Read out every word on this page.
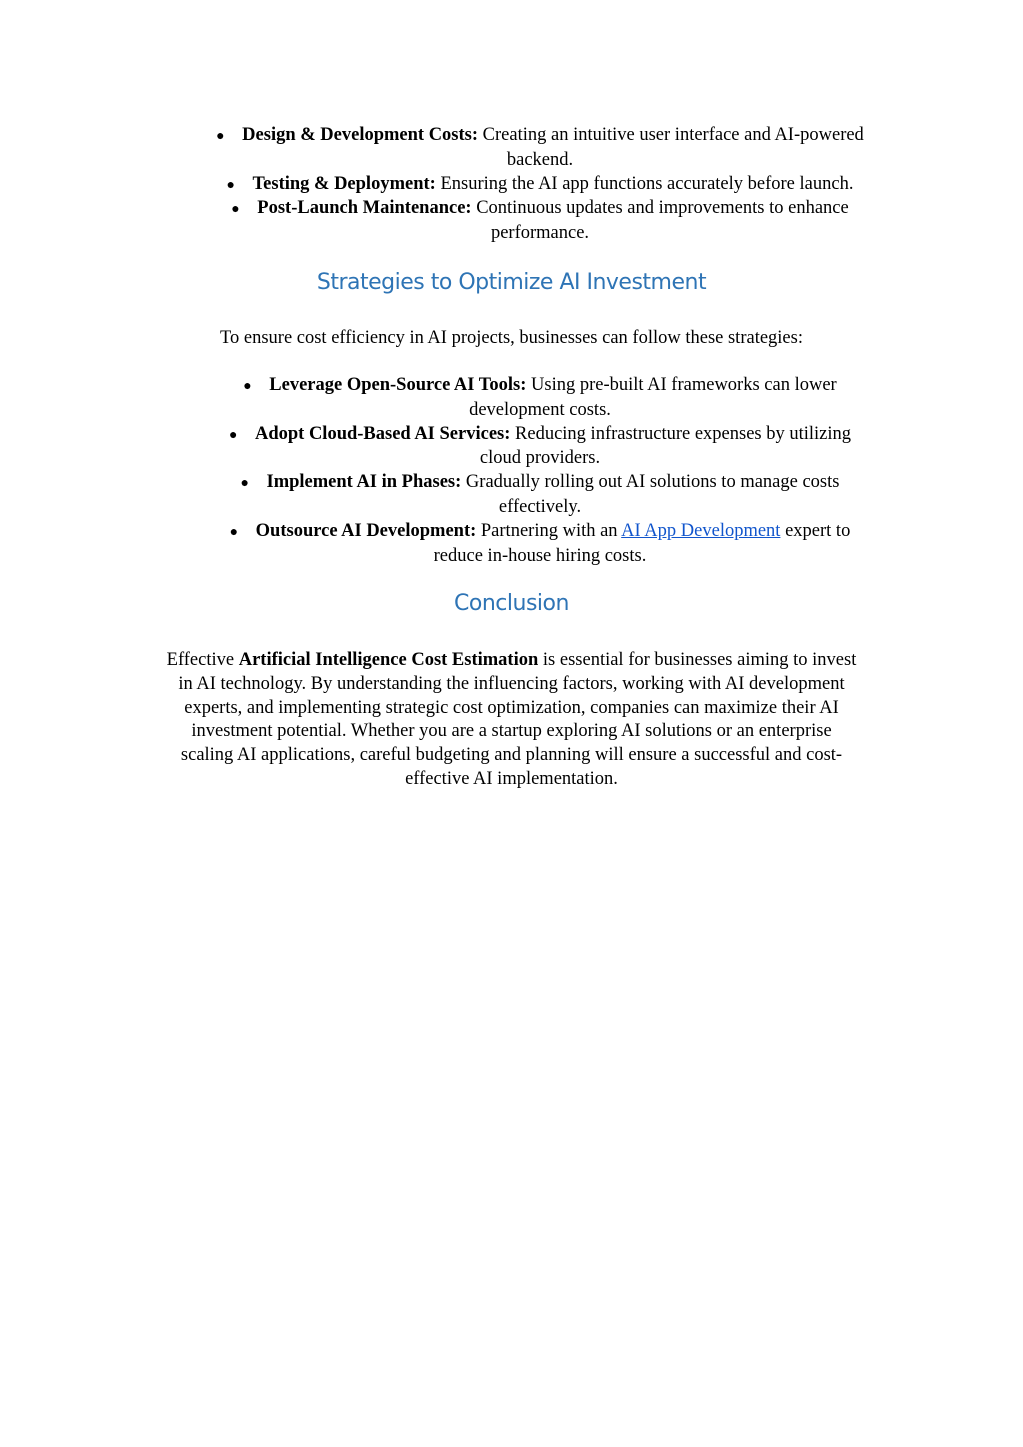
● Design & Development Costs: Creating an intuitive user interface and AI-powered
backend.
● Testing & Deployment: Ensuring the AI app functions accurately before launch.
● Post-Launch Maintenance: Continuous updates and improvements to enhance
performance.
Strategies to Optimize AI Investment

To ensure cost efficiency in AI projects, businesses can follow these strategies:

● Leverage Open-Source AI Tools: Using pre-built AI frameworks can lower
development costs.
● Adopt Cloud-Based AI Services: Reducing infrastructure expenses by utilizing
cloud providers.
● Implement AI in Phases: Gradually rolling out AI solutions to manage costs
effectively.
● Outsource AI Development: Partnering with an AI App Development expert to
reduce in-house hiring costs.
Conclusion

Effective Artificial Intelligence Cost Estimation is essential for businesses aiming to invest
in AI technology. By understanding the influencing factors, working with AI development
experts, and implementing strategic cost optimization, companies can maximize their AI
investment potential. Whether you are a startup exploring AI solutions or an enterprise
scaling AI applications, careful budgeting and planning will ensure a successful and cost-
effective AI implementation.
